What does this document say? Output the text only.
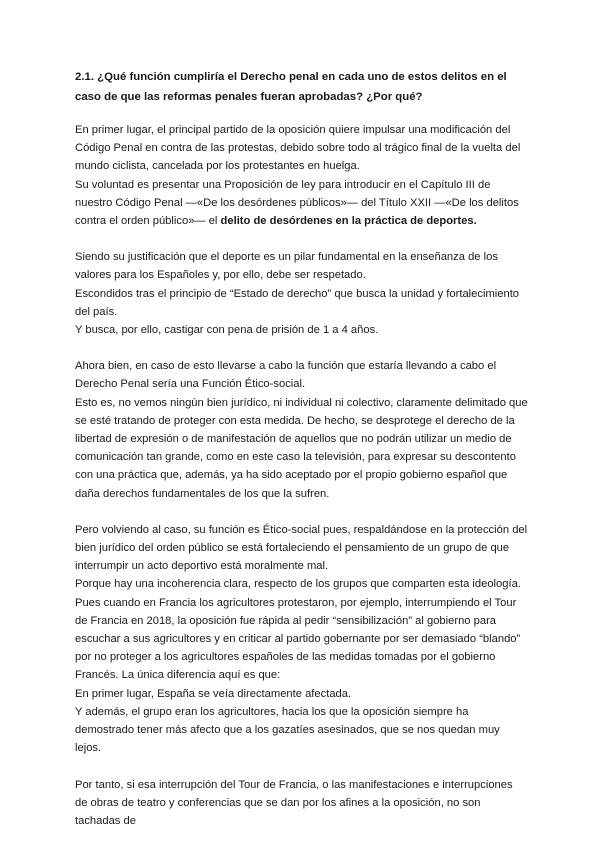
2.1. ¿Qué función cumpliría el Derecho penal en cada uno de estos delitos en el caso de que las reformas penales fueran aprobadas? ¿Por qué?

En primer lugar, el principal partido de la oposición quiere impulsar una modificación del Código Penal en contra de las protestas, debido sobre todo al trágico final de la vuelta del mundo ciclista, cancelada por los protestantes en huelga.

Su voluntad es presentar una Proposición de ley para introducir en el Capítulo III de nuestro Código Penal —«De los desórdenes públicos»— del Título XXII —«De los delitos contra el orden público»— el delito de desórdenes en la práctica de deportes.

Siendo su justificación que el deporte es un pilar fundamental en la enseñanza de los valores para los Españoles y, por ello, debe ser respetado.

Escondidos tras el principio de “Estado de derecho” que busca la unidad y fortalecimiento del país.

Y busca, por ello, castigar con pena de prisión de 1 a 4 años.

Ahora bien, en caso de esto llevarse a cabo la función que estaría llevando a cabo el Derecho Penal sería una Función Ético-social.

Esto es, no vemos ningún bien jurídico, ni individual ni colectivo, claramente delimitado que se esté tratando de proteger con esta medida. De hecho, se desprotege el derecho de la libertad de expresión o de manifestación de aquellos que no podrán utilizar un medio de comunicación tan grande, como en este caso la televisión, para expresar su descontento con una práctica que, además, ya ha sido aceptado por el propio gobierno español que daña derechos fundamentales de los que la sufren.

Pero volviendo al caso, su función es Ético-social pues, respaldándose en la protección del bien jurídico del orden público se está fortaleciendo el pensamiento de un grupo de que interrumpir un acto deportivo está moralmente mal.

Porque hay una incoherencia clara, respecto de los grupos que comparten esta ideología. Pues cuando en Francia los agricultores protestaron, por ejemplo, interrumpiendo el Tour de Francia en 2018, la oposición fue rápida al pedir “sensibilización” al gobierno para escuchar a sus agricultores y en criticar al partido gobernante por ser demasiado “blando” por no proteger a los agricultores españoles de las medidas tomadas por el gobierno Francés. La única diferencia aquí es que:

En primer lugar, España se veía directamente afectada.

Y además, el grupo eran los agricultores, hacia los que la oposición siempre ha demostrado tener más afecto que a los gazatíes asesinados, que se nos quedan muy lejos.

Por tanto, si esa interrupción del Tour de Francia, o las manifestaciones e interrupciones de obras de teatro y conferencias que se dan por los afines a la oposición, no son tachadas de
